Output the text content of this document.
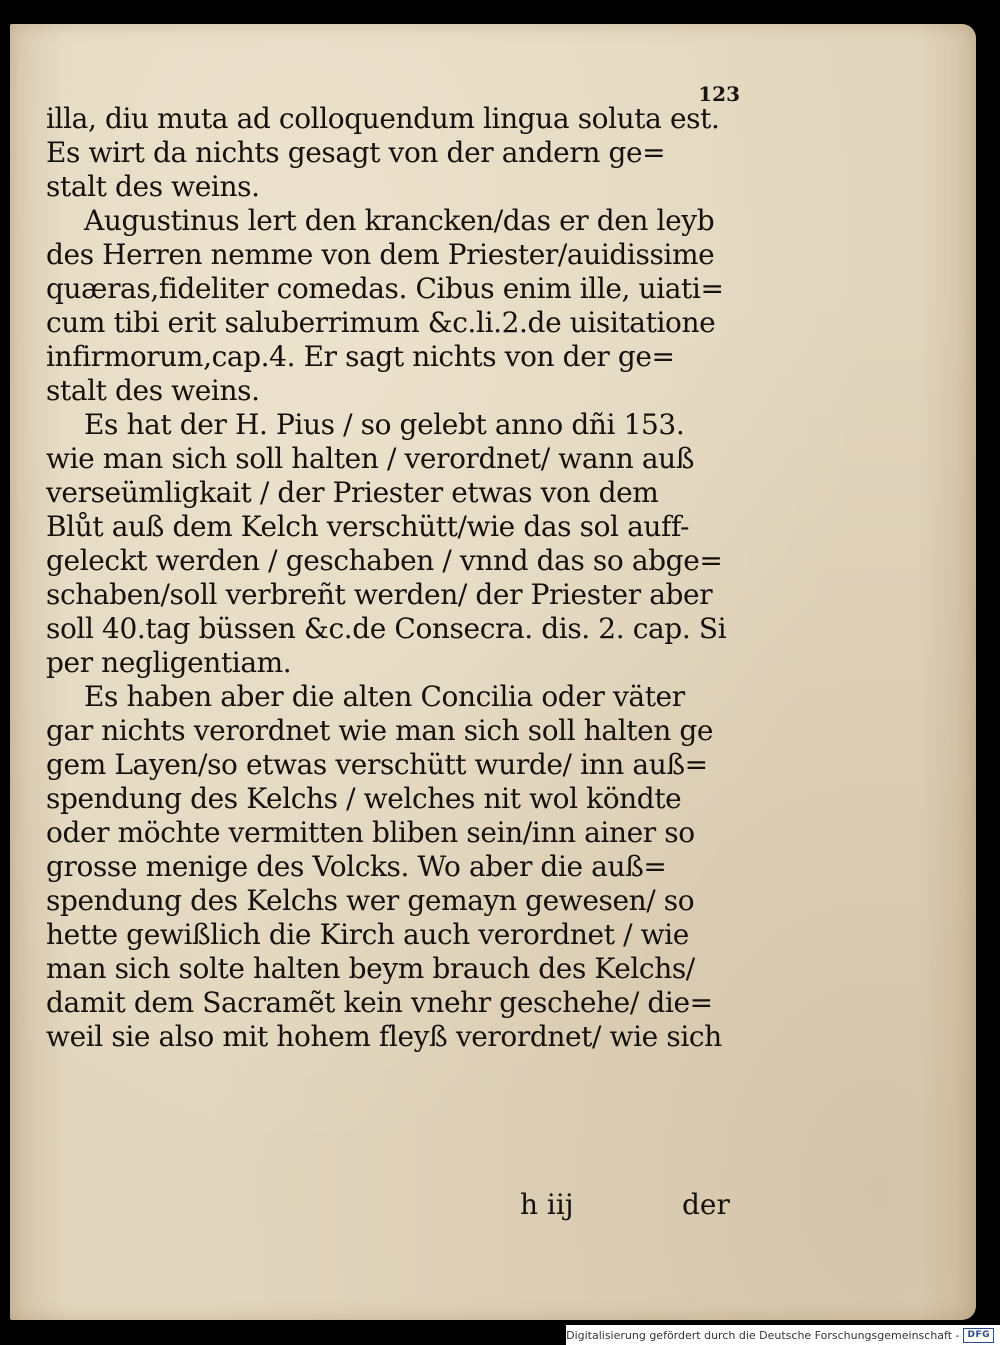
123
illa, diu muta ad colloquendum lingua soluta est.
Es wirt da nichts gesagt von der andern ge=
stalt des weins.
Augustinus lert den krancken/das er den leyb
des Herren nemme von dem Priester/auidissime
quæras,fideliter comedas. Cibus enim ille, uiati=
cum tibi erit saluberrimum &c.li.2.de uisitatione
infirmorum,cap.4. Er sagt nichts von der ge=
stalt des weins.
Es hat der H. Pius / so gelebt anno dñi 153.
wie man sich soll halten / verordnet/ wann auß
verseümligkait / der Priester etwas von dem
Blůt auß dem Kelch verschütt/wie das sol auff-
geleckt werden / geschaben / vnnd das so abge=
schaben/soll verbreñt werden/ der Priester aber
soll 40.tag büssen &c.de Consecra. dis. 2. cap. Si
per negligentiam.
Es haben aber die alten Concilia oder väter
gar nichts verordnet wie man sich soll halten ge
gem Layen/so etwas verschütt wurde/ inn auß=
spendung des Kelchs / welches nit wol köndte
oder möchte vermitten bliben sein/inn ainer so
grosse menige des Volcks. Wo aber die auß=
spendung des Kelchs wer gemayn gewesen/ so
hette gewißlich die Kirch auch verordnet / wie
man sich solte halten beym brauch des Kelchs/
damit dem Sacramẽt kein vnehr geschehe/ die=
weil sie also mit hohem fleyß verordnet/ wie sich
h iij	der
Digitalisierung gefördert durch die Deutsche Forschungsgemeinschaft - DFG
